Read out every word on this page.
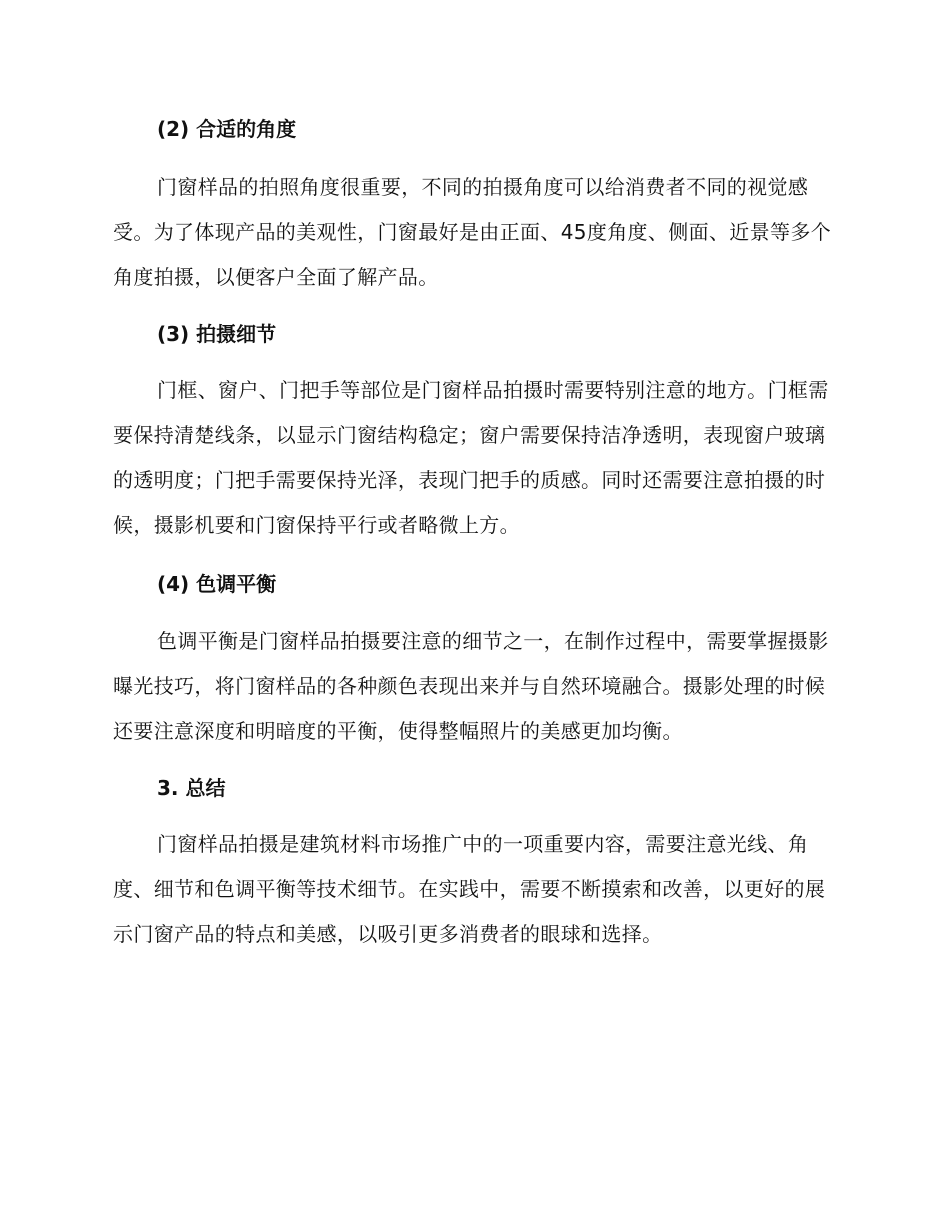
(2) 合适的角度

门窗样品的拍照角度很重要，不同的拍摄角度可以给消费者不同的视觉感受。为了体现产品的美观性，门窗最好是由正面、45度角度、侧面、近景等多个角度拍摄，以便客户全面了解产品。

(3) 拍摄细节

门框、窗户、门把手等部位是门窗样品拍摄时需要特别注意的地方。门框需要保持清楚线条，以显示门窗结构稳定；窗户需要保持洁净透明，表现窗户玻璃的透明度；门把手需要保持光泽，表现门把手的质感。同时还需要注意拍摄的时候，摄影机要和门窗保持平行或者略微上方。

(4) 色调平衡

色调平衡是门窗样品拍摄要注意的细节之一，在制作过程中，需要掌握摄影曝光技巧，将门窗样品的各种颜色表现出来并与自然环境融合。摄影处理的时候还要注意深度和明暗度的平衡，使得整幅照片的美感更加均衡。

3. 总结

门窗样品拍摄是建筑材料市场推广中的一项重要内容，需要注意光线、角度、细节和色调平衡等技术细节。在实践中，需要不断摸索和改善，以更好的展示门窗产品的特点和美感，以吸引更多消费者的眼球和选择。
